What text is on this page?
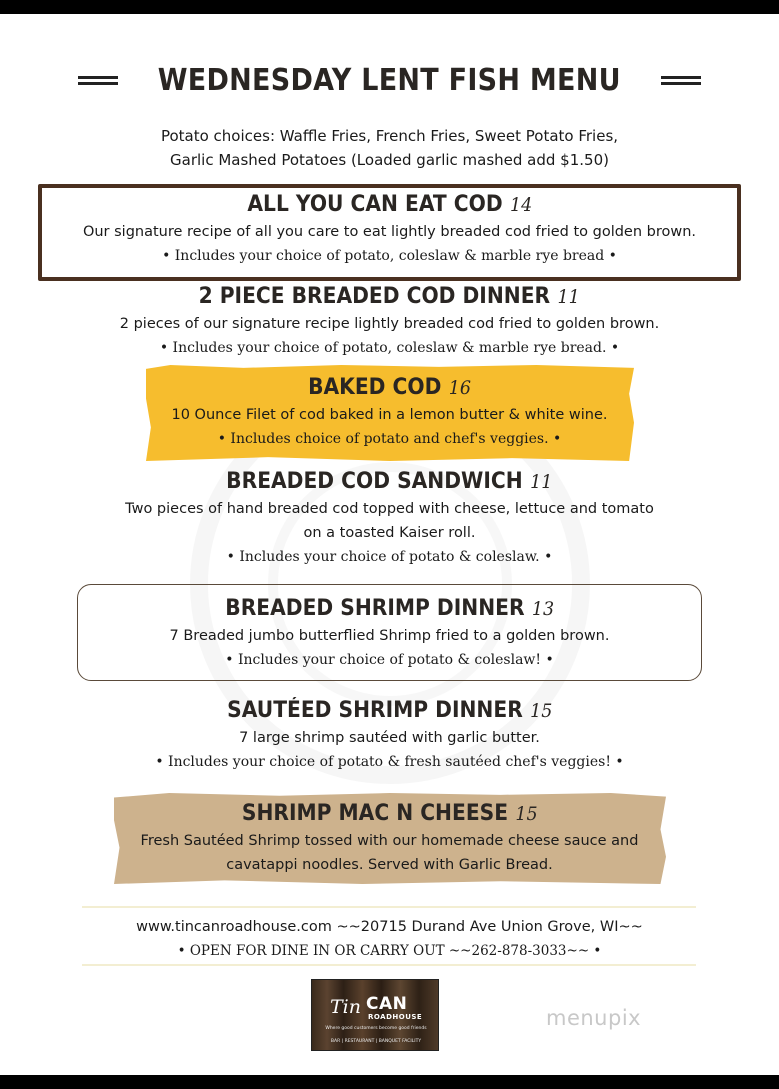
WEDNESDAY LENT FISH MENU
Potato choices: Waffle Fries, French Fries, Sweet Potato Fries,
Garlic Mashed Potatoes (Loaded garlic mashed add $1.50)
ALL YOU CAN EAT COD 14
Our signature recipe of all you care to eat lightly breaded cod fried to golden brown.
• Includes your choice of potato, coleslaw & marble rye bread •
2 PIECE BREADED COD DINNER 11
2 pieces of our signature recipe lightly breaded cod fried to golden brown.
• Includes your choice of potato, coleslaw & marble rye bread. •
BAKED COD 16
10 Ounce Filet of cod baked in a lemon butter & white wine.
• Includes choice of potato and chef's veggies. •
BREADED COD SANDWICH 11
Two pieces of hand breaded cod topped with cheese, lettuce and tomato
on a toasted Kaiser roll.
• Includes your choice of potato & coleslaw. •
BREADED SHRIMP DINNER 13
7 Breaded jumbo butterflied Shrimp fried to a golden brown.
• Includes your choice of potato & coleslaw! •
SAUTÉED SHRIMP DINNER 15
7 large shrimp sautéed with garlic butter.
• Includes your choice of potato & fresh sautéed chef's veggies! •
SHRIMP MAC N CHEESE 15
Fresh Sautéed Shrimp tossed with our homemade cheese sauce and
cavatappi noodles. Served with Garlic Bread.
www.tincanroadhouse.com ~~20715 Durand Ave Union Grove, WI~~
• OPEN FOR DINE IN OR CARRY OUT ~~262-878-3033~~ •
Tin CAN
ROADHOUSE
Where good customers become good friends
BAR | RESTAURANT | BANQUET FACILITY
menupix
